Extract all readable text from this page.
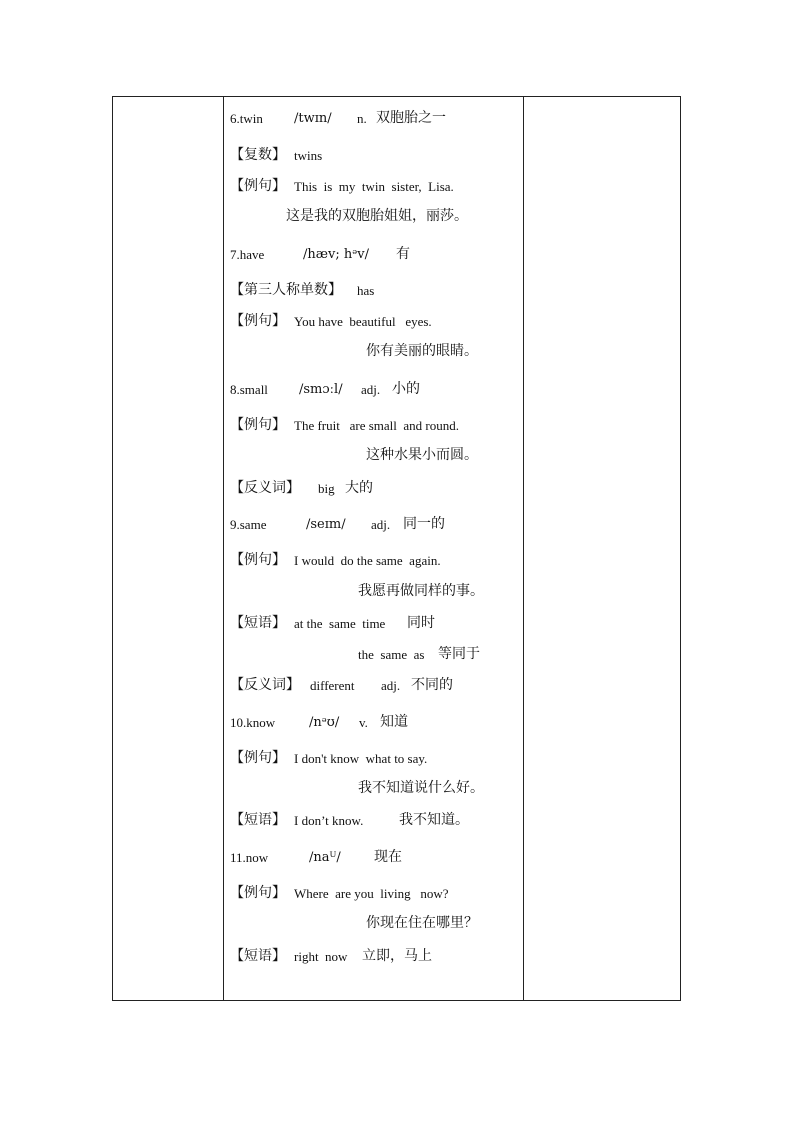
6.twin /twɪn/ n. 双胞胎之一
【复数】 twins
【例句】 This  is  my  twin  sister,  Lisa.
这是我的双胞胎姐姐，丽莎。
7.have	/hæv; hᵊv/ 有
【第三人称单数】 has
【例句】 You have  beautiful   eyes.
你有美丽的眼睛。
8.small /smɔːl/ adj. 小的
【例句】 The fruit   are small  and round.
这种水果小而圆。
【反义词】 big 大的
9.same	/seɪm/ adj. 同一的
【例句】 I would  do the same  again.
我愿再做同样的事。
【短语】 at the  same  time 同时
the  same  as 等同于
【反义词】 different adj. 不同的
10.know	/nᵊʊ/ v. 知道
【例句】 I don't know  what to say.
我不知道说什么好。
【短语】 I don’t know.	我不知道。
11.now	/naᵁ/ 现在
【例句】 Where  are you  living   now?
你现在住在哪里？
【短语】 right  now 立即，马上
